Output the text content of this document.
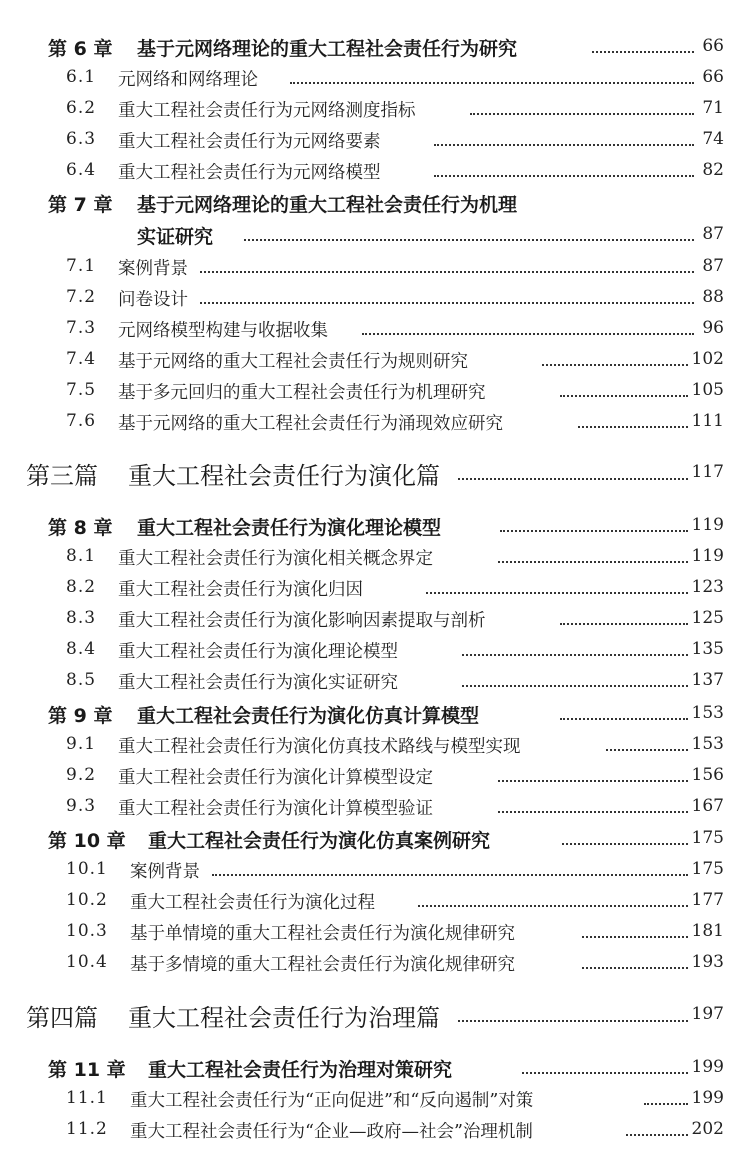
第 6 章 基于元网络理论的重大工程社会责任行为研究	66
6.1 元网络和网络理论	66
6.2 重大工程社会责任行为元网络测度指标	71
6.3 重大工程社会责任行为元网络要素	74
6.4 重大工程社会责任行为元网络模型	82
第 7 章 基于元网络理论的重大工程社会责任行为机理
实证研究	87
7.1 案例背景	87
7.2 问卷设计	88
7.3 元网络模型构建与收据收集	96
7.4 基于元网络的重大工程社会责任行为规则研究	102
7.5 基于多元回归的重大工程社会责任行为机理研究	105
7.6 基于元网络的重大工程社会责任行为涌现效应研究	111
第三篇 重大工程社会责任行为演化篇	117
第 8 章 重大工程社会责任行为演化理论模型	119
8.1 重大工程社会责任行为演化相关概念界定	119
8.2 重大工程社会责任行为演化归因	123
8.3 重大工程社会责任行为演化影响因素提取与剖析	125
8.4 重大工程社会责任行为演化理论模型	135
8.5 重大工程社会责任行为演化实证研究	137
第 9 章 重大工程社会责任行为演化仿真计算模型	153
9.1 重大工程社会责任行为演化仿真技术路线与模型实现	153
9.2 重大工程社会责任行为演化计算模型设定	156
9.3 重大工程社会责任行为演化计算模型验证	167
第 10 章 重大工程社会责任行为演化仿真案例研究	175
10.1 案例背景	175
10.2 重大工程社会责任行为演化过程	177
10.3 基于单情境的重大工程社会责任行为演化规律研究	181
10.4 基于多情境的重大工程社会责任行为演化规律研究	193
第四篇 重大工程社会责任行为治理篇	197
第 11 章 重大工程社会责任行为治理对策研究	199
11.1 重大工程社会责任行为“正向促进”和“反向遏制”对策	199
11.2 重大工程社会责任行为“企业—政府—社会”治理机制	202
